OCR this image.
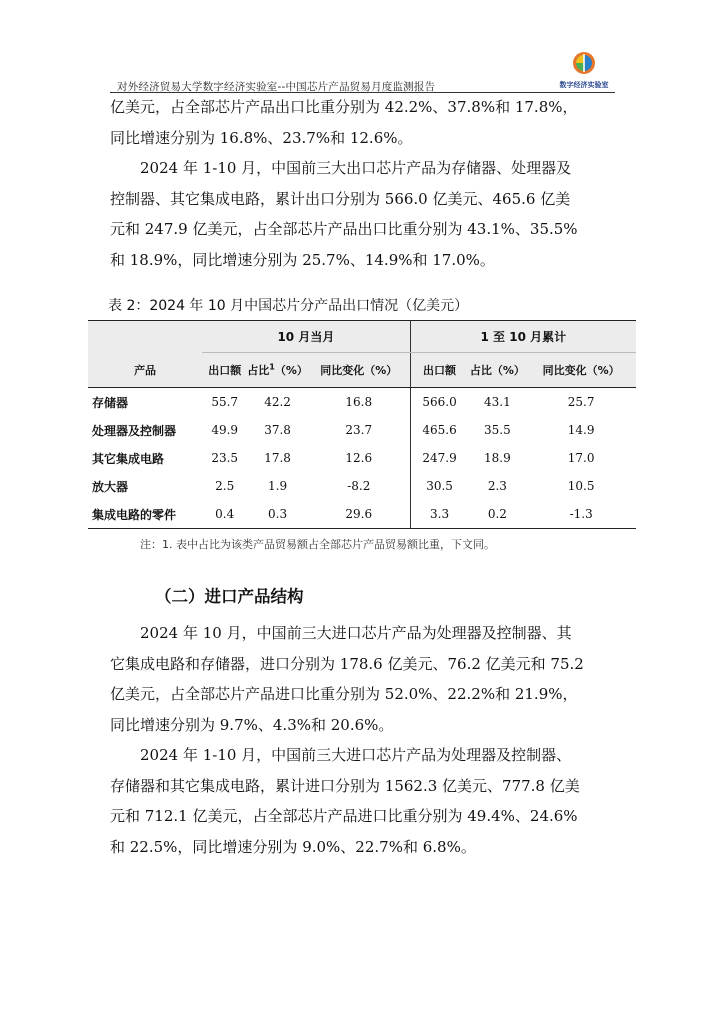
对外经济贸易大学数字经济实验室--中国芯片产品贸易月度监测报告	数字经济实验室
亿美元，占全部芯片产品出口比重分别为 42.2%、37.8%和 17.8%，
同比增速分别为 16.8%、23.7%和 12.6%。
2024 年 1-10 月，中国前三大出口芯片产品为存储器、处理器及
控制器、其它集成电路，累计出口分别为 566.0 亿美元、465.6 亿美
元和 247.9 亿美元，占全部芯片产品出口比重分别为 43.1%、35.5%
和 18.9%，同比增速分别为 25.7%、14.9%和 17.0%。
表 2：2024 年 10 月中国芯片分产品出口情况（亿美元）
	10 月当月			1 至 10 月累计		
产品	出口额	占比$^1$（%）	同比变化（%）	出口额	占比（%）	同比变化（%）
存储器	55.7	42.2	16.8	566.0	43.1	25.7
处理器及控制器	49.9	37.8	23.7	465.6	35.5	14.9
其它集成电路	23.5	17.8	12.6	247.9	18.9	17.0
放大器	2.5	1.9	-8.2	30.5	2.3	10.5
集成电路的零件	0.4	0.3	29.6	3.3	0.2	-1.3
注：1. 表中占比为该类产品贸易额占全部芯片产品贸易额比重，下文同。
（二）进口产品结构
2024 年 10 月，中国前三大进口芯片产品为处理器及控制器、其
它集成电路和存储器，进口分别为 178.6 亿美元、76.2 亿美元和 75.2
亿美元，占全部芯片产品进口比重分别为 52.0%、22.2%和 21.9%，
同比增速分别为 9.7%、4.3%和 20.6%。
2024 年 1-10 月，中国前三大进口芯片产品为处理器及控制器、
存储器和其它集成电路，累计进口分别为 1562.3 亿美元、777.8 亿美
元和 712.1 亿美元，占全部芯片产品进口比重分别为 49.4%、24.6%
和 22.5%，同比增速分别为 9.0%、22.7%和 6.8%。
